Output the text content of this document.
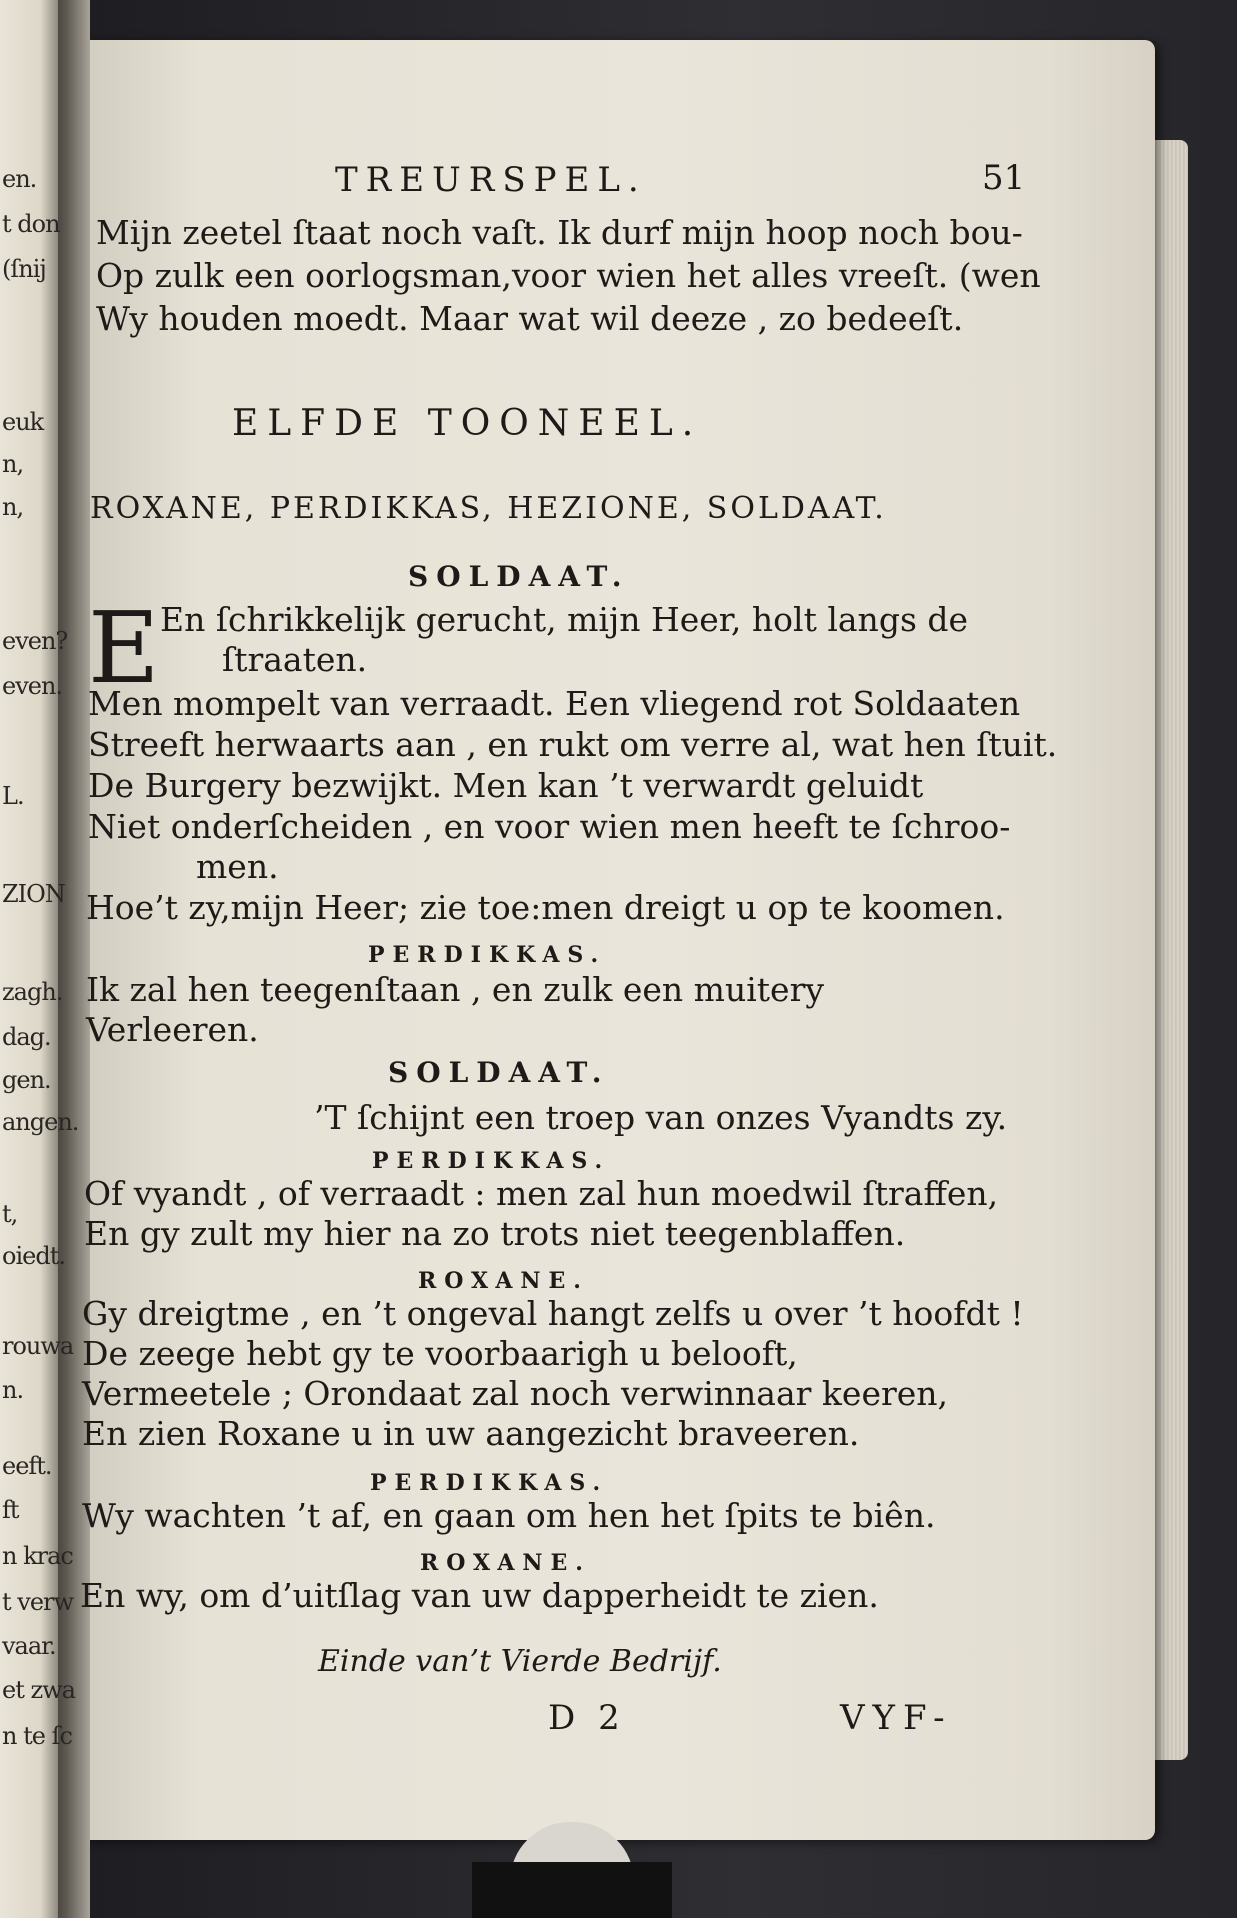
en.
t don
(ſnij
euk
n,
n,
even?
even.
L.
ZION
zagh.
dag.
gen.
angen.
t,
oiedt.
rouwa
n.
eeft.
ft
n krac
t verw
vaar.
et zwa
n te ſc
TREURSPEL.	51
Mijn zeetel ſtaat noch vaſt. Ik durf mijn hoop noch bou-
Op zulk een oorlogsman,voor wien het alles vreeſt. (wen
Wy houden moedt. Maar wat wil deeze , zo bedeeſt.
ELFDE TOONEEL.
ROXANE, PERDIKKAS, HEZIONE, SOLDAAT.
SOLDAAT.
E En ſchrikkelijk gerucht, mijn Heer, holt langs de
ſtraaten.
Men mompelt van verraadt. Een vliegend rot Soldaaten
Streeft herwaarts aan , en rukt om verre al, wat hen ſtuit.
De Burgery bezwijkt. Men kan ’t verwardt geluidt
Niet onderſcheiden , en voor wien men heeft te ſchroo-
men.
Hoe’t zy,mijn Heer; zie toe:men dreigt u op te koomen.
PERDIKKAS.
Ik zal hen teegenſtaan , en zulk een muitery
Verleeren.
SOLDAAT.
’T ſchijnt een troep van onzes Vyandts zy.
PERDIKKAS.
Of vyandt , of verraadt : men zal hun moedwil ſtraffen,
En gy zult my hier na zo trots niet teegenblaffen.
ROXANE.
Gy dreigtme , en ’t ongeval hangt zelfs u over ’t hoofdt !
De zeege hebt gy te voorbaarigh u belooft,
Vermeetele ; Orondaat zal noch verwinnaar keeren,
En zien Roxane u in uw aangezicht braveeren.
PERDIKKAS.
Wy wachten ’t af, en gaan om hen het ſpits te biên.
ROXANE.
En wy, om d’uitſlag van uw dapperheidt te zien.
Einde van’t Vierde Bedrijf.
D 2	VYF-
